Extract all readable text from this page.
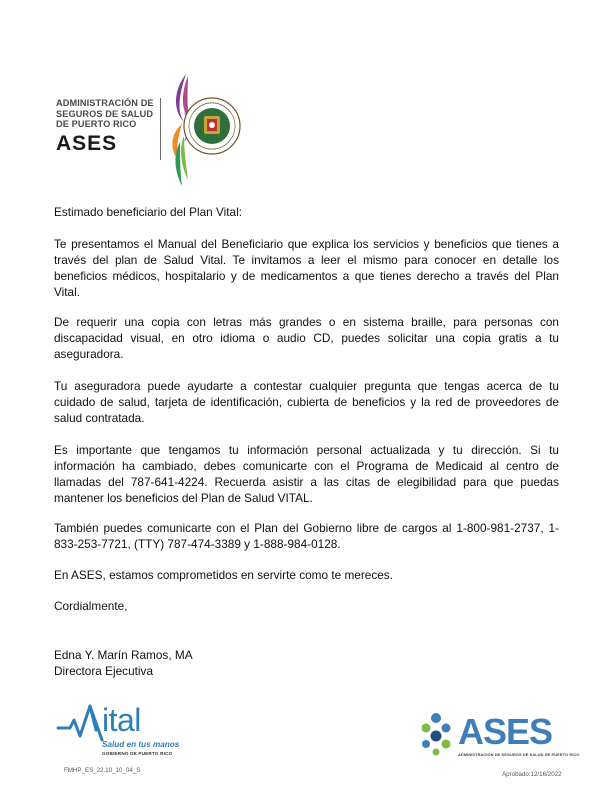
ADMINISTRACIÓN DE
SEGUROS DE SALUD
DE PUERTO RICO
ASES
Estimado beneficiario del Plan Vital:
Te presentamos el Manual del Beneficiario que explica los servicios y beneficios que tienes a través del plan de Salud Vital. Te invitamos a leer el mismo para conocer en detalle los beneficios médicos, hospitalario y de medicamentos a que tienes derecho a través del Plan Vital.
De requerir una copia con letras más grandes o en sistema braille, para personas con discapacidad visual, en otro idioma o audio CD, puedes solicitar una copia gratis a tu aseguradora.
Tu aseguradora puede ayudarte a contestar cualquier pregunta que tengas acerca de tu cuidado de salud, tarjeta de identificación, cubierta de beneficios y la red de proveedores de salud contratada.
Es importante que tengamos tu información personal actualizada y tu dirección. Si tu información ha cambiado, debes comunicarte con el Programa de Medicaid al centro de llamadas del 787-641-4224. Recuerda asistir a las citas de elegibilidad para que puedas mantener los beneficios del Plan de Salud VITAL.
También puedes comunicarte con el Plan del Gobierno libre de cargos al 1-800-981-2737, 1-833-253-7721, (TTY) 787-474-3389 y 1-888-984-0128.
En ASES, estamos comprometidos en servirte como te mereces.
Cordialmente,
Edna Y. Marín Ramos, MA
Directora Ejecutiva
ital
Salud en tus manos
GOBIERNO DE PUERTO RICO
ASES
ADMINISTRACIÓN DE SEGUROS DE SALUD DE PUERTO RICO
FMHP_ES_22.10_10_04_S
Aprobado:12/16/2022
